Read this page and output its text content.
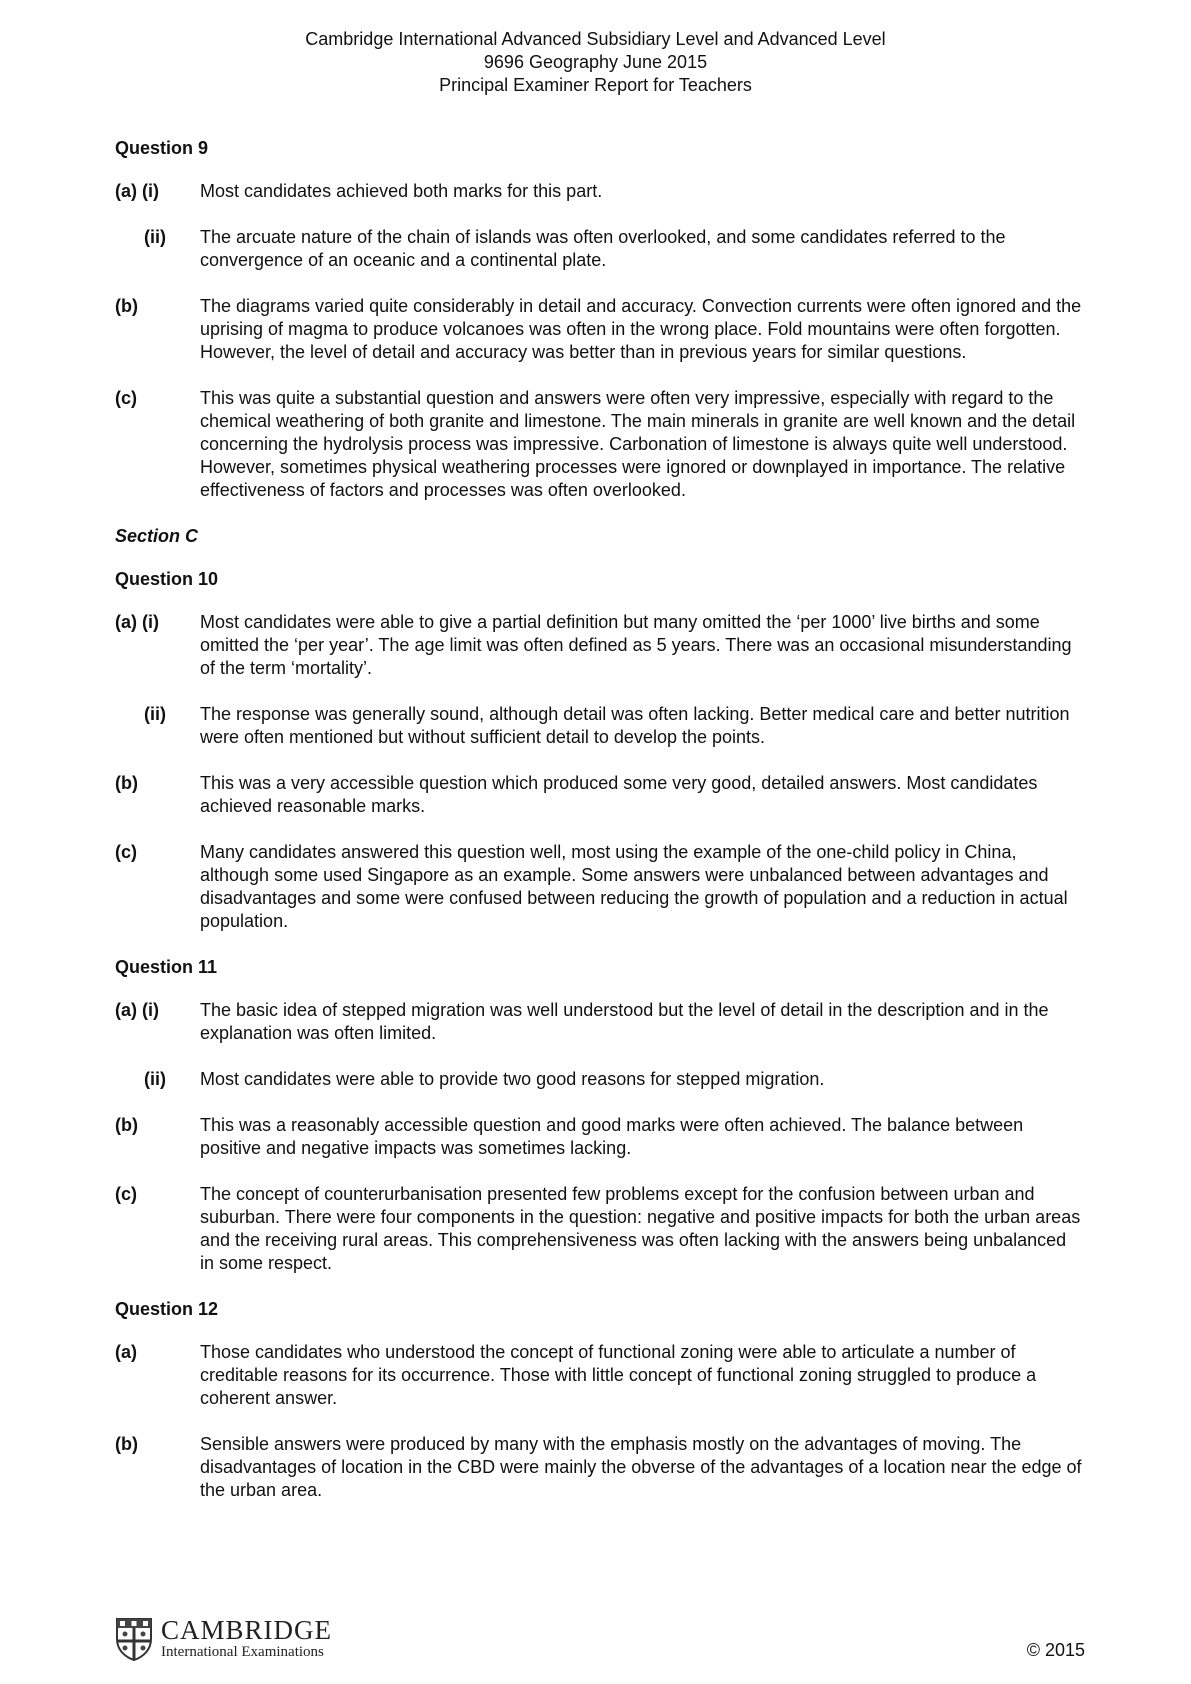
Cambridge International Advanced Subsidiary Level and Advanced Level
9696 Geography June 2015
Principal Examiner Report for Teachers
Question 9
(a) (i)	Most candidates achieved both marks for this part.
(ii)	The arcuate nature of the chain of islands was often overlooked, and some candidates referred to the convergence of an oceanic and a continental plate.
(b)	The diagrams varied quite considerably in detail and accuracy. Convection currents were often ignored and the uprising of magma to produce volcanoes was often in the wrong place. Fold mountains were often forgotten. However, the level of detail and accuracy was better than in previous years for similar questions.
(c)	This was quite a substantial question and answers were often very impressive, especially with regard to the chemical weathering of both granite and limestone. The main minerals in granite are well known and the detail concerning the hydrolysis process was impressive. Carbonation of limestone is always quite well understood. However, sometimes physical weathering processes were ignored or downplayed in importance. The relative effectiveness of factors and processes was often overlooked.
Section C
Question 10
(a) (i)	Most candidates were able to give a partial definition but many omitted the ‘per 1000’ live births and some omitted the ‘per year’. The age limit was often defined as 5 years. There was an occasional misunderstanding of the term ‘mortality’.
(ii)	The response was generally sound, although detail was often lacking. Better medical care and better nutrition were often mentioned but without sufficient detail to develop the points.
(b)	This was a very accessible question which produced some very good, detailed answers. Most candidates achieved reasonable marks.
(c)	Many candidates answered this question well, most using the example of the one-child policy in China, although some used Singapore as an example. Some answers were unbalanced between advantages and disadvantages and some were confused between reducing the growth of population and a reduction in actual population.
Question 11
(a) (i)	The basic idea of stepped migration was well understood but the level of detail in the description and in the explanation was often limited.
(ii)	Most candidates were able to provide two good reasons for stepped migration.
(b)	This was a reasonably accessible question and good marks were often achieved. The balance between positive and negative impacts was sometimes lacking.
(c)	The concept of counterurbanisation presented few problems except for the confusion between urban and suburban. There were four components in the question: negative and positive impacts for both the urban areas and the receiving rural areas. This comprehensiveness was often lacking with the answers being unbalanced in some respect.
Question 12
(a)	Those candidates who understood the concept of functional zoning were able to articulate a number of creditable reasons for its occurrence. Those with little concept of functional zoning struggled to produce a coherent answer.
(b)	Sensible answers were produced by many with the emphasis mostly on the advantages of moving. The disadvantages of location in the CBD were mainly the obverse of the advantages of a location near the edge of the urban area.
CAMBRIDGE
International Examinations	© 2015
